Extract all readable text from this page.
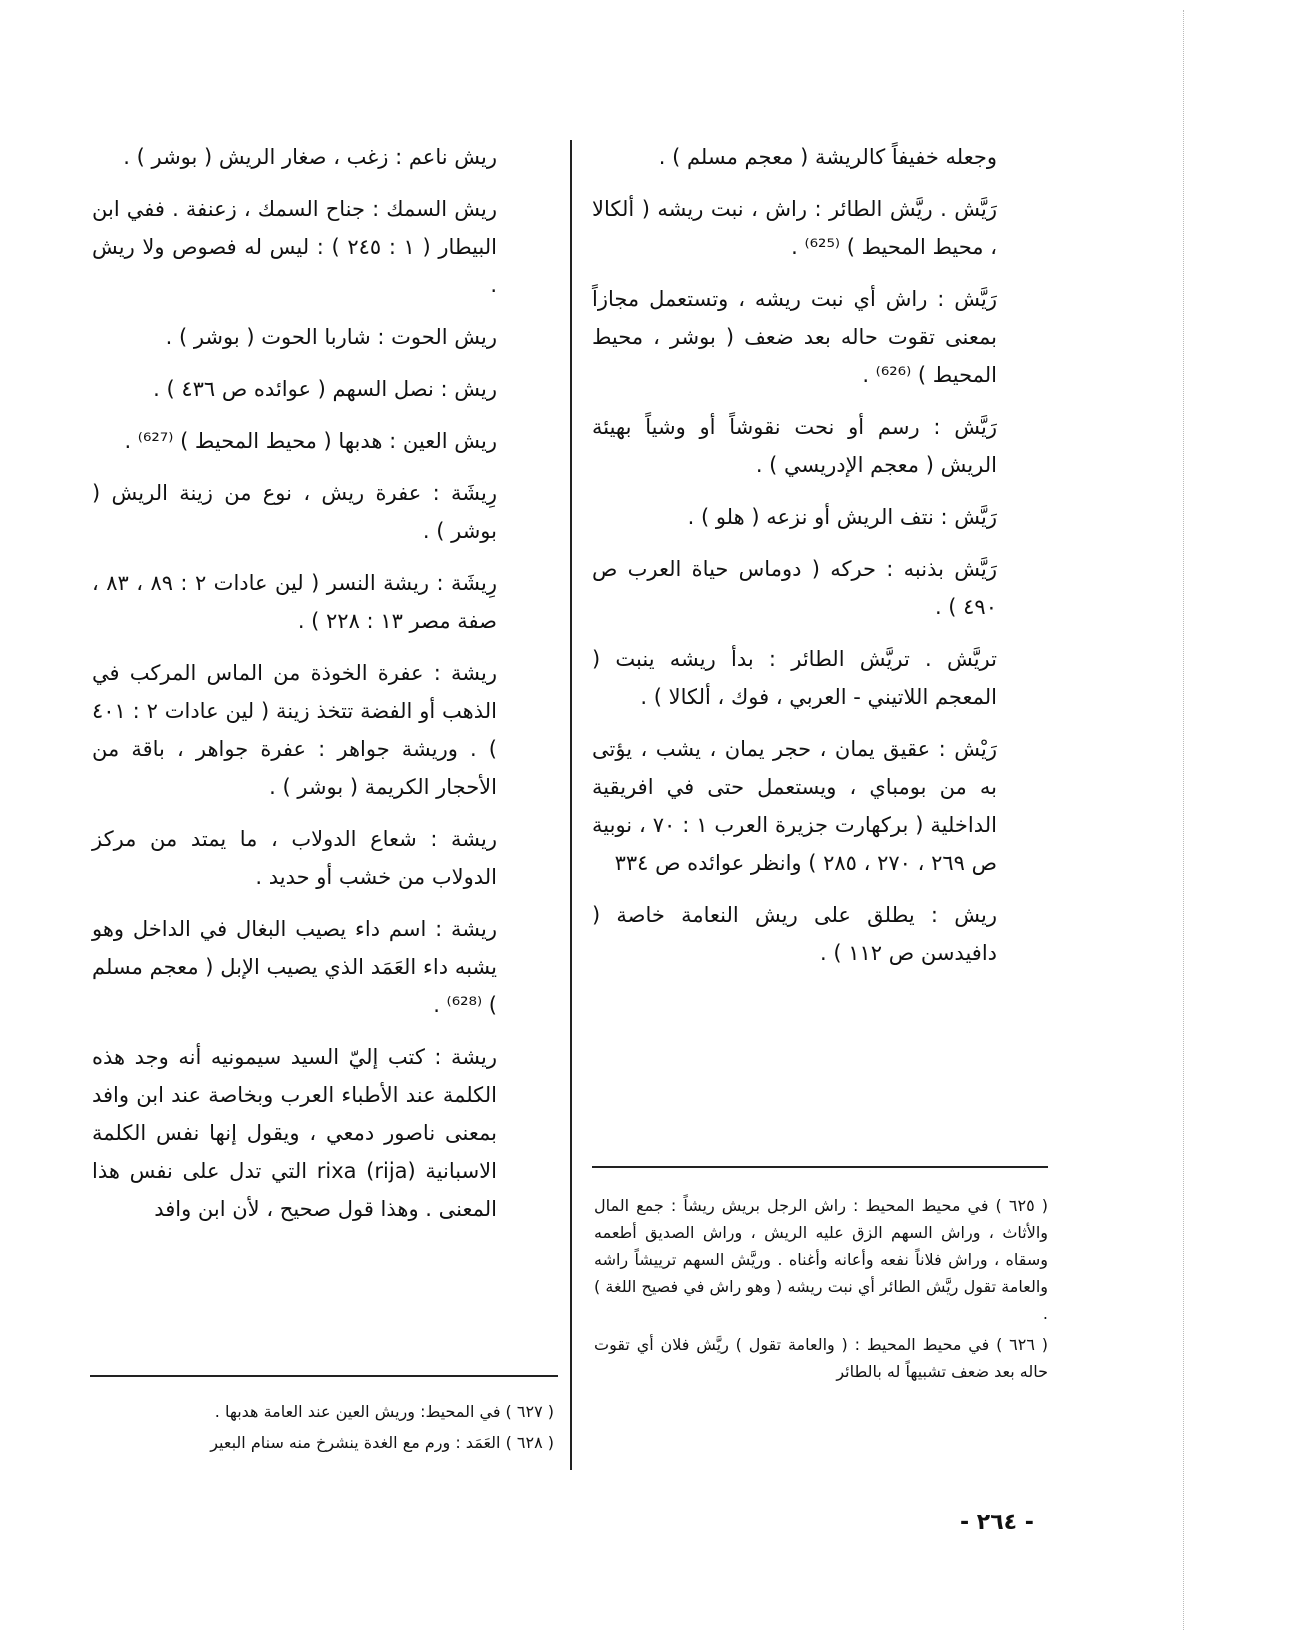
وجعله خفيفاً كالريشة ( معجم مسلم ) .

رَيَّش . ريَّش الطائر : راش ، نبت ريشه ( ألكالا ، محيط المحيط ) ⁽⁶²⁵⁾ .

رَيَّش : راش أي نبت ريشه ، وتستعمل مجازاً بمعنى تقوت حاله بعد ضعف ( بوشر ، محيط المحيط ) ⁽⁶²⁶⁾ .

رَيَّش : رسم أو نحت نقوشاً أو وشياً بهيئة الريش ( معجم الإدريسي ) .

رَيَّش : نتف الريش أو نزعه ( هلو ) .

رَيَّش بذنبه : حركه ( دوماس حياة العرب ص ٤٩٠ ) .

تريَّش . تريَّش الطائر : بدأ ريشه ينبت ( المعجم اللاتيني - العربي ، فوك ، ألكالا ) .

رَيْش : عقيق يمان ، حجر يمان ، يشب ، يؤتى به من بومباي ، ويستعمل حتى في افريقية الداخلية ( بركهارت جزيرة العرب ١ : ٧٠ ، نوبية ص ٢٦٩ ، ٢٧٠ ، ٢٨٥ ) وانظر عوائده ص ٣٣٤

ريش : يطلق على ريش النعامة خاصة ( دافيدسن ص ١١٢ ) .

ريش ناعم : زغب ، صغار الريش ( بوشر ) .

ريش السمك : جناح السمك ، زعنفة . ففي ابن البيطار ( ١ : ٢٤٥ ) : ليس له فصوص ولا ريش .

ريش الحوت : شاربا الحوت ( بوشر ) .

ريش : نصل السهم ( عوائده ص ٤٣٦ ) .

ريش العين : هدبها ( محيط المحيط ) ⁽⁶²⁷⁾ .

رِيشَة : عفرة ريش ، نوع من زينة الريش ( بوشر ) .

رِيشَة : ريشة النسر ( لين عادات ٢ : ٨٩ ، ٨٣ ، صفة مصر ١٣ : ٢٢٨ ) .

ريشة : عفرة الخوذة من الماس المركب في الذهب أو الفضة تتخذ زينة ( لين عادات ٢ : ٤٠١ ) . وريشة جواهر : عفرة جواهر ، باقة من الأحجار الكريمة ( بوشر ) .

ريشة : شعاع الدولاب ، ما يمتد من مركز الدولاب من خشب أو حديد .

ريشة : اسم داء يصيب البغال في الداخل وهو يشبه داء العَمَد الذي يصيب الإبل ( معجم مسلم ) ⁽⁶²⁸⁾ .

ريشة : كتب إليّ السيد سيمونيه أنه وجد هذه الكلمة عند الأطباء العرب وبخاصة عند ابن وافد بمعنى ناصور دمعي ، ويقول إنها نفس الكلمة الاسبانية rixa (rija) التي تدل على نفس هذا المعنى . وهذا قول صحيح ، لأن ابن وافد	( ٦٢٥ ) في محيط المحيط : راش الرجل بريش ريشاً : جمع المال والأثاث ، وراش السهم الزق عليه الريش ، وراش الصديق أطعمه وسقاه ، وراش فلاناً نفعه وأعانه وأغناه . وريَّش السهم ترييشاً راشه والعامة تقول ريَّش الطائر أي نبت ريشه ( وهو راش في فصيح اللغة ) .

( ٦٢٦ ) في محيط المحيط : ( والعامة تقول ) ريَّش فلان أي تقوت حاله بعد ضعف تشبيهاً له بالطائر

( ٦٢٧ ) في المحيط: وريش العين عند العامة هدبها .

( ٦٢٨ ) العَمَد : ورم مع الغدة ينشرخ منه سنام البعير

- ٢٦٤ -
